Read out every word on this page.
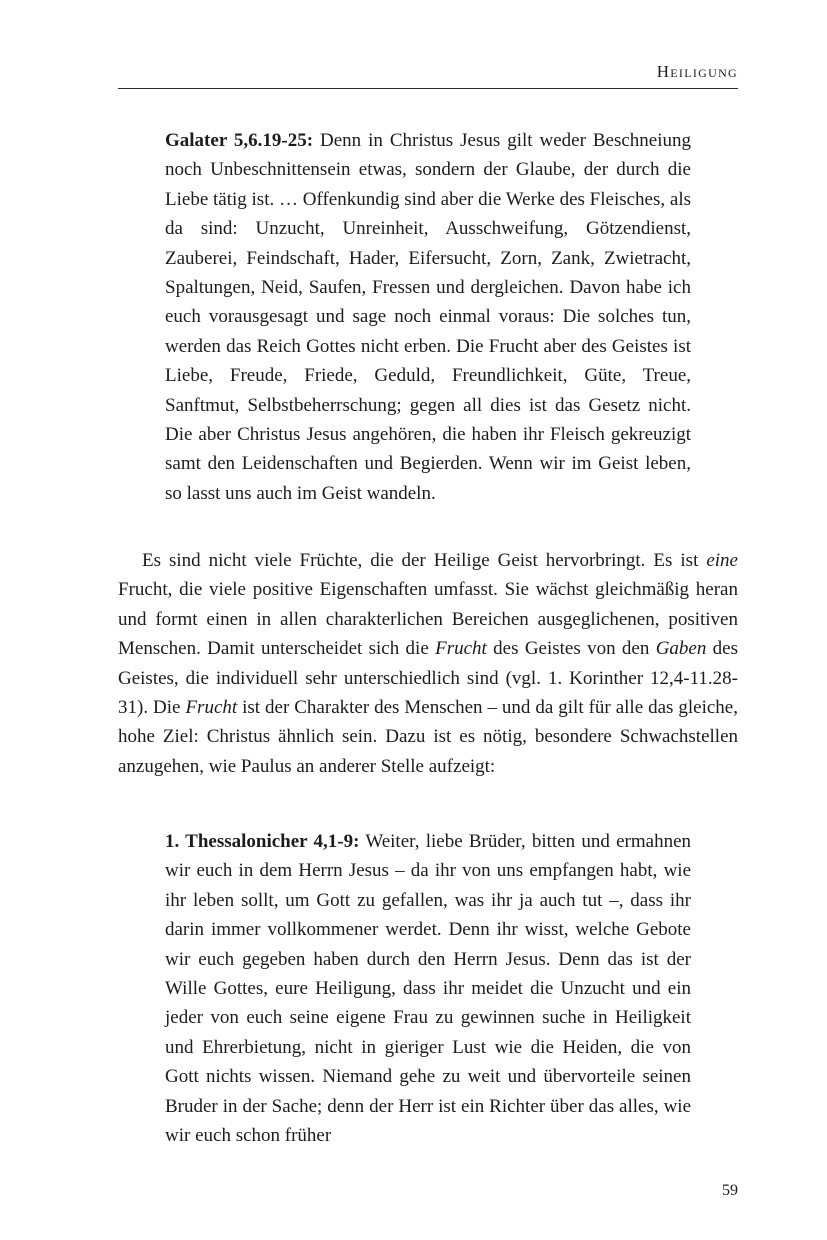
Heiligung

Galater 5,6.19-25: Denn in Christus Jesus gilt weder Beschneiung noch Unbeschnittensein etwas, sondern der Glaube, der durch die Liebe tätig ist. … Offenkundig sind aber die Werke des Fleisches, als da sind: Unzucht, Unreinheit, Ausschweifung, Götzendienst, Zauberei, Feindschaft, Hader, Eifersucht, Zorn, Zank, Zwietracht, Spaltungen, Neid, Saufen, Fressen und dergleichen. Davon habe ich euch vorausgesagt und sage noch einmal voraus: Die solches tun, werden das Reich Gottes nicht erben. Die Frucht aber des Geistes ist Liebe, Freude, Friede, Geduld, Freundlichkeit, Güte, Treue, Sanftmut, Selbstbeherrschung; gegen all dies ist das Gesetz nicht. Die aber Christus Jesus angehören, die haben ihr Fleisch gekreuzigt samt den Leidenschaften und Begierden. Wenn wir im Geist leben, so lasst uns auch im Geist wandeln.

Es sind nicht viele Früchte, die der Heilige Geist hervorbringt. Es ist eine Frucht, die viele positive Eigenschaften umfasst. Sie wächst gleichmäßig heran und formt einen in allen charakterlichen Bereichen ausgeglichenen, positiven Menschen. Damit unterscheidet sich die Frucht des Geistes von den Gaben des Geistes, die individuell sehr unterschiedlich sind (vgl. 1. Korinther 12,4-11.28-31). Die Frucht ist der Charakter des Menschen – und da gilt für alle das gleiche, hohe Ziel: Christus ähnlich sein. Dazu ist es nötig, besondere Schwachstellen anzugehen, wie Paulus an anderer Stelle aufzeigt:

1. Thessalonicher 4,1-9: Weiter, liebe Brüder, bitten und ermahnen wir euch in dem Herrn Jesus – da ihr von uns empfangen habt, wie ihr leben sollt, um Gott zu gefallen, was ihr ja auch tut –, dass ihr darin immer vollkommener werdet. Denn ihr wisst, welche Gebote wir euch gegeben haben durch den Herrn Jesus. Denn das ist der Wille Gottes, eure Heiligung, dass ihr meidet die Unzucht und ein jeder von euch seine eigene Frau zu gewinnen suche in Heiligkeit und Ehrerbietung, nicht in gieriger Lust wie die Heiden, die von Gott nichts wissen. Niemand gehe zu weit und übervorteile seinen Bruder in der Sache; denn der Herr ist ein Richter über das alles, wie wir euch schon früher

59
